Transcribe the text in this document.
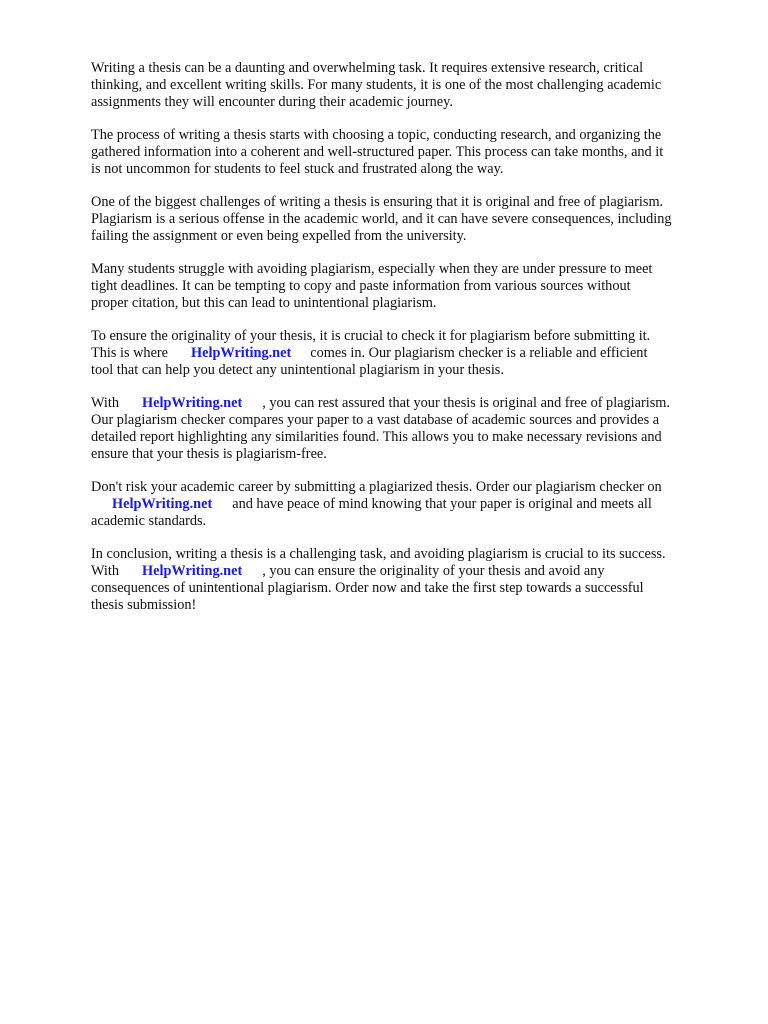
Writing a thesis can be a daunting and overwhelming task. It requires extensive research, critical
thinking, and excellent writing skills. For many students, it is one of the most challenging academic
assignments they will encounter during their academic journey.

The process of writing a thesis starts with choosing a topic, conducting research, and organizing the
gathered information into a coherent and well-structured paper. This process can take months, and it
is not uncommon for students to feel stuck and frustrated along the way.

One of the biggest challenges of writing a thesis is ensuring that it is original and free of plagiarism.
Plagiarism is a serious offense in the academic world, and it can have severe consequences, including
failing the assignment or even being expelled from the university.

Many students struggle with avoiding plagiarism, especially when they are under pressure to meet
tight deadlines. It can be tempting to copy and paste information from various sources without
proper citation, but this can lead to unintentional plagiarism.

To ensure the originality of your thesis, it is crucial to check it for plagiarism before submitting it.
This is where HelpWriting.net comes in. Our plagiarism checker is a reliable and efficient
tool that can help you detect any unintentional plagiarism in your thesis.

With HelpWriting.net , you can rest assured that your thesis is original and free of plagiarism.
Our plagiarism checker compares your paper to a vast database of academic sources and provides a
detailed report highlighting any similarities found. This allows you to make necessary revisions and
ensure that your thesis is plagiarism-free.

Don't risk your academic career by submitting a plagiarized thesis. Order our plagiarism checker on
HelpWriting.net and have peace of mind knowing that your paper is original and meets all
academic standards.

In conclusion, writing a thesis is a challenging task, and avoiding plagiarism is crucial to its success.
With HelpWriting.net , you can ensure the originality of your thesis and avoid any
consequences of unintentional plagiarism. Order now and take the first step towards a successful
thesis submission!
